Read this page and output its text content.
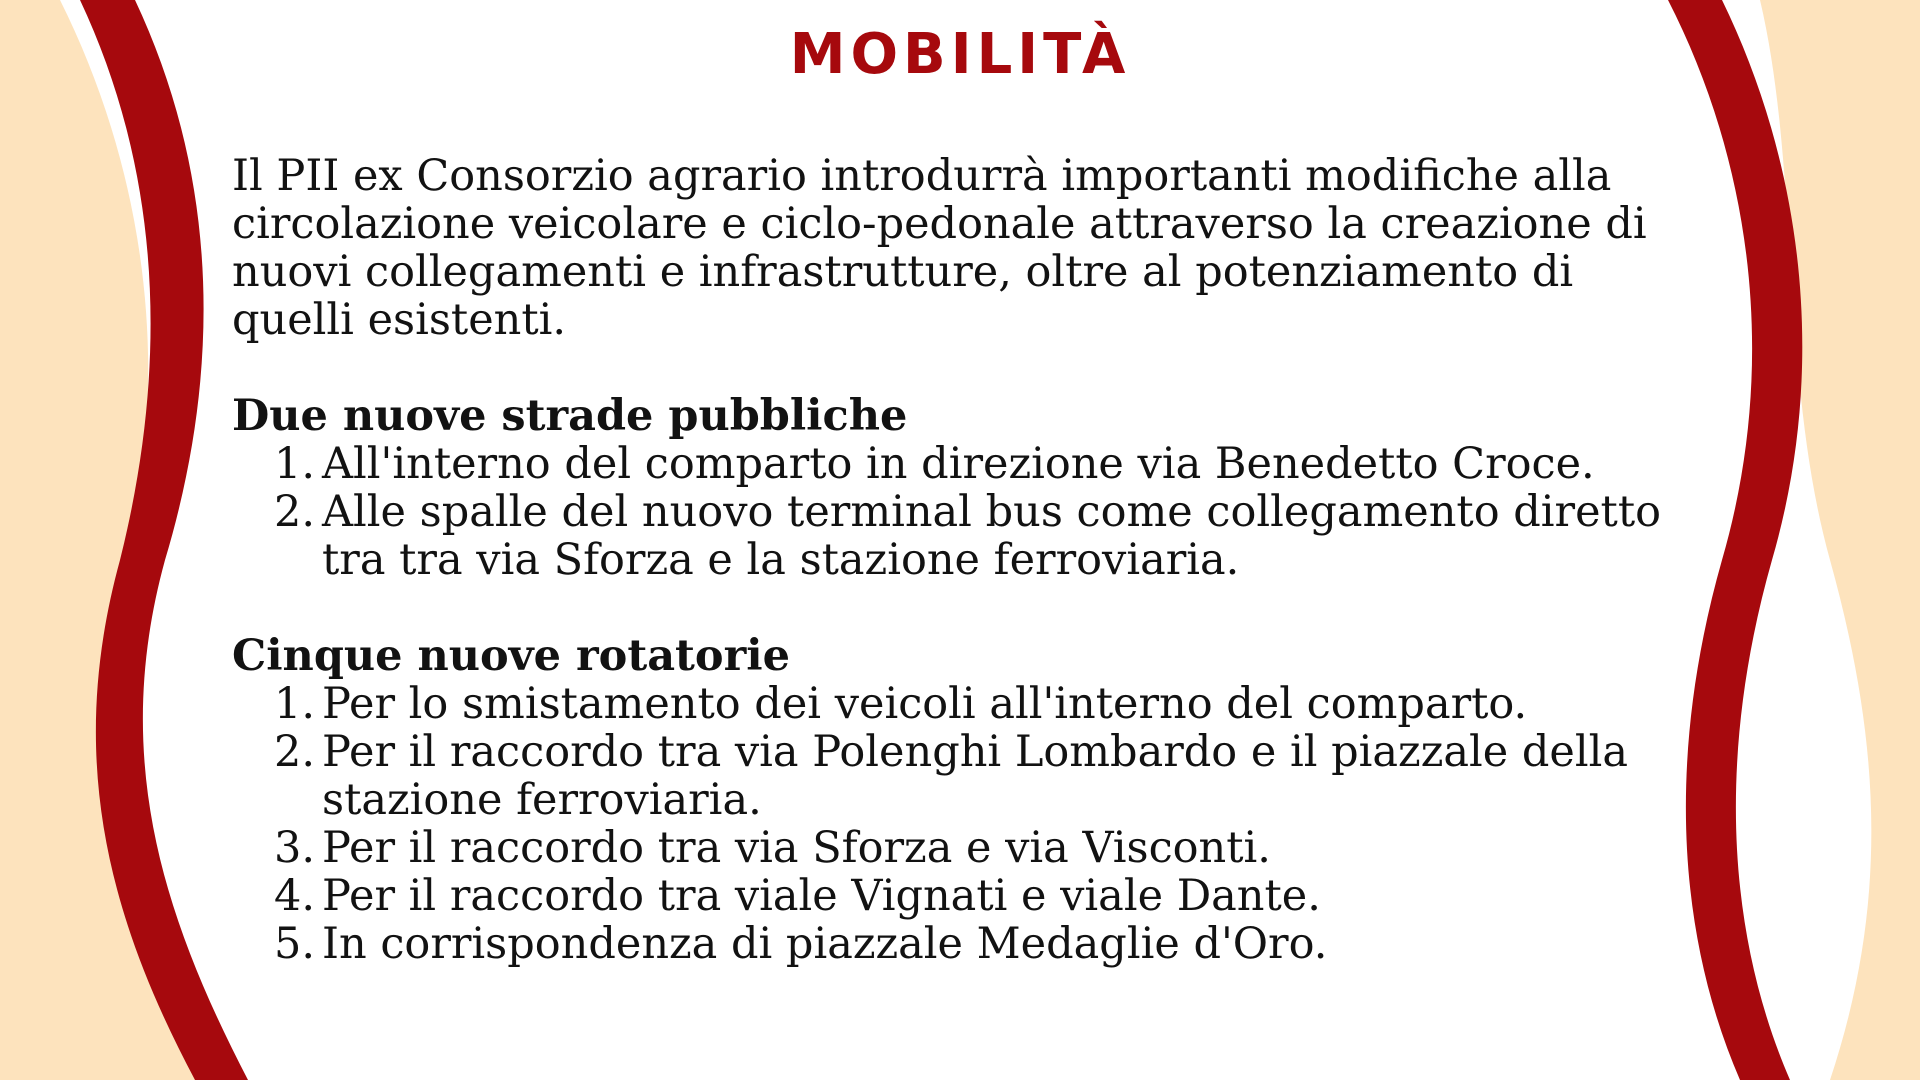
MOBILITÀ

Il PII ex Consorzio agrario introdurrà importanti modifiche alla circolazione veicolare e ciclo-pedonale attraverso la creazione di nuovi collegamenti e infrastrutture, oltre al potenziamento di quelli esistenti.

Due nuove strade pubbliche
1. All'interno del comparto in direzione via Benedetto Croce.
2. Alle spalle del nuovo terminal bus come collegamento diretto tra tra via Sforza e la stazione ferroviaria.
Cinque nuove rotatorie
1. Per lo smistamento dei veicoli all'interno del comparto.
2. Per il raccordo tra via Polenghi Lombardo e il piazzale della stazione ferroviaria.
3. Per il raccordo tra via Sforza e via Visconti.
4. Per il raccordo tra viale Vignati e viale Dante.
5. In corrispondenza di piazzale Medaglie d'Oro.
